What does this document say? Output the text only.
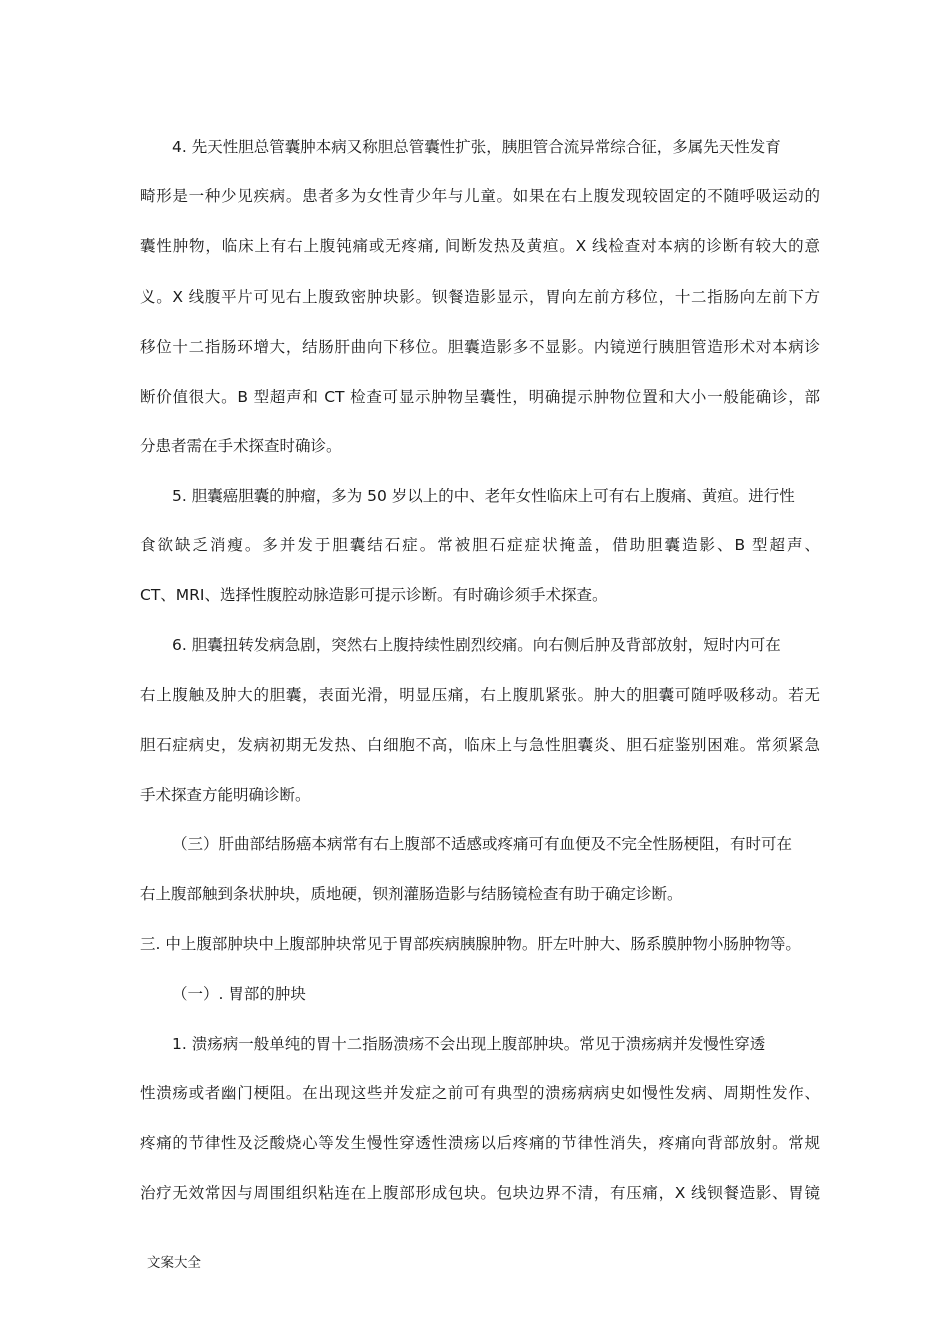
4. 先天性胆总管囊肿本病又称胆总管囊性扩张，胰胆管合流异常综合征，多属先天性发育
畸形是一种少见疾病。患者多为女性青少年与儿童。如果在右上腹发现较固定的不随呼吸运动的
囊性肿物，临床上有右上腹钝痛或无疼痛, 间断发热及黄疸。X 线检查对本病的诊断有较大的意
义。X 线腹平片可见右上腹致密肿块影。钡餐造影显示，胃向左前方移位，十二指肠向左前下方
移位十二指肠环增大，结肠肝曲向下移位。胆囊造影多不显影。内镜逆行胰胆管造形术对本病诊
断价值很大。B 型超声和 CT 检查可显示肿物呈囊性，明确提示肿物位置和大小一般能确诊，部
分患者需在手术探查时确诊。
5. 胆囊癌胆囊的肿瘤，多为 50 岁以上的中、老年女性临床上可有右上腹痛、黄疸。进行性
食欲缺乏消瘦。多并发于胆囊结石症。常被胆石症症状掩盖，借助胆囊造影、B 型超声、
CT、MRI、选择性腹腔动脉造影可提示诊断。有时确诊须手术探查。
6. 胆囊扭转发病急剧，突然右上腹持续性剧烈绞痛。向右侧后肿及背部放射，短时内可在
右上腹触及肿大的胆囊，表面光滑，明显压痛，右上腹肌紧张。肿大的胆囊可随呼吸移动。若无
胆石症病史，发病初期无发热、白细胞不高，临床上与急性胆囊炎、胆石症鉴别困难。常须紧急
手术探查方能明确诊断。
（三）肝曲部结肠癌本病常有右上腹部不适感或疼痛可有血便及不完全性肠梗阻，有时可在
右上腹部触到条状肿块，质地硬，钡剂灌肠造影与结肠镜检查有助于确定诊断。
三. 中上腹部肿块中上腹部肿块常见于胃部疾病胰腺肿物。肝左叶肿大、肠系膜肿物小肠肿物等。
（一）. 胃部的肿块
1. 溃疡病一般单纯的胃十二指肠溃疡不会出现上腹部肿块。常见于溃疡病并发慢性穿透
性溃疡或者幽门梗阻。在出现这些并发症之前可有典型的溃疡病病史如慢性发病、周期性发作、
疼痛的节律性及泛酸烧心等发生慢性穿透性溃疡以后疼痛的节律性消失，疼痛向背部放射。常规
治疗无效常因与周围组织粘连在上腹部形成包块。包块边界不清，有压痛，X 线钡餐造影、胃镜
文案大全
